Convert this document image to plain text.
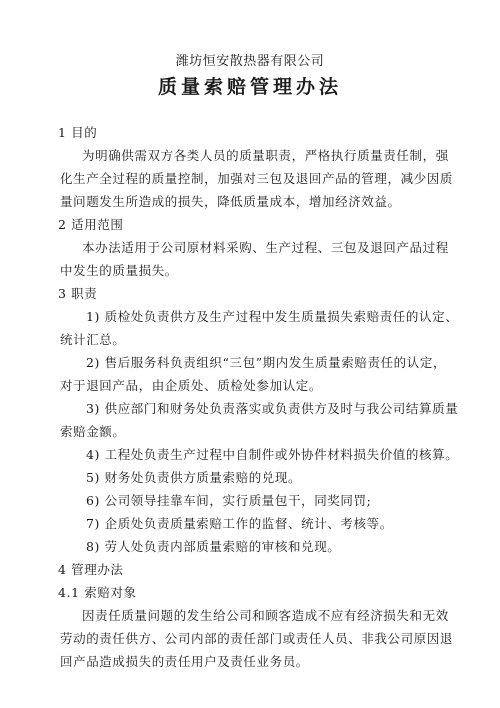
潍坊恒安散热器有限公司
质量索赔管理办法
1 目的
为明确供需双方各类人员的质量职责，严格执行质量责任制，强
化生产全过程的质量控制，加强对三包及退回产品的管理，减少因质
量问题发生所造成的损失，降低质量成本，增加经济效益。
2 适用范围
本办法适用于公司原材料采购、生产过程、三包及退回产品过程
中发生的质量损失。
3 职责
1) 质检处负责供方及生产过程中发生质量损失索赔责任的认定、
统计汇总。
2) 售后服务科负责组织“三包”期内发生质量索赔责任的认定，
对于退回产品，由企质处、质检处参加认定。
3) 供应部门和财务处负责落实或负责供方及时与我公司结算质量
索赔金额。
4) 工程处负责生产过程中自制件或外协件材料损失价值的核算。
5) 财务处负责供方质量索赔的兑现。
6) 公司领导挂靠车间，实行质量包干，同奖同罚;
7) 企质处负责质量索赔工作的监督、统计、考核等。
8) 劳人处负责内部质量索赔的审核和兑现。
4 管理办法
4.1 索赔对象
因责任质量问题的发生给公司和顾客造成不应有经济损失和无效
劳动的责任供方、公司内部的责任部门或责任人员、非我公司原因退
回产品造成损失的责任用户及责任业务员。
